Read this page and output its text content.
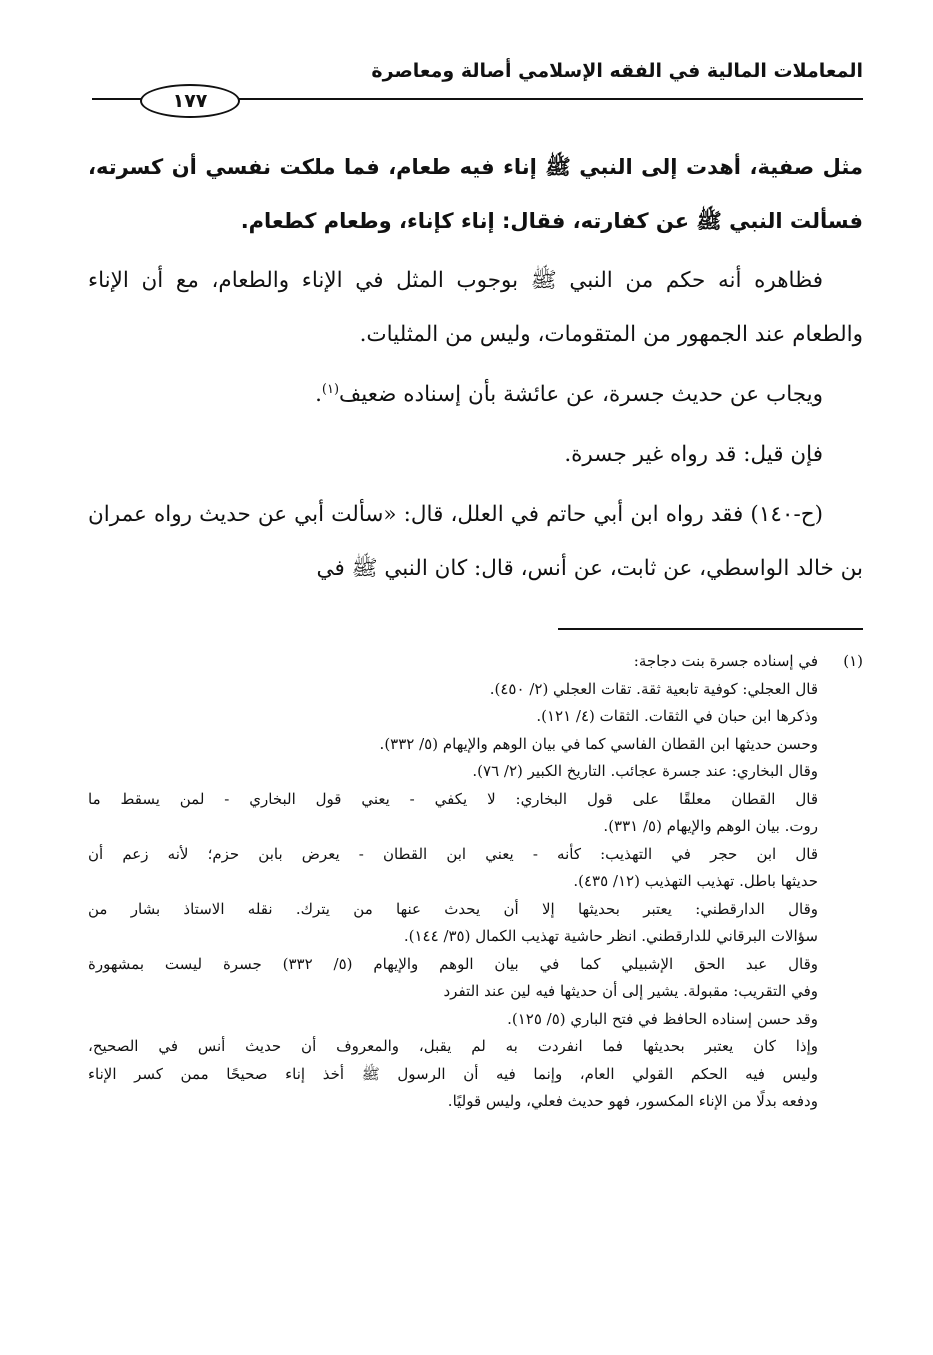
المعاملات المالية في الفقه الإسلامي أصالة ومعاصرة
١٧٧

مثل صفية، أهدت إلى النبي ﷺ إناء فيه طعام، فما ملكت نفسي أن كسرته، فسألت النبي ﷺ عن كفارته، فقال: إناء كإناء، وطعام كطعام.

فظاهره أنه حكم من النبي ﷺ بوجوب المثل في الإناء والطعام، مع أن الإناء والطعام عند الجمهور من المتقومات، وليس من المثليات.

ويجاب عن حديث جسرة، عن عائشة بأن إسناده ضعيف$^{(١)}$.

فإن قيل: قد رواه غير جسرة.

(ح-١٤٠) فقد رواه ابن أبي حاتم في العلل، قال: «سألت أبي عن حديث رواه عمران بن خالد الواسطي، عن ثابت، عن أنس، قال: كان النبي ﷺ في

(١)في إسناده جسرة بنت دجاجة:

قال العجلي: كوفية تابعية ثقة. تقات العجلي (٢/ ٤٥٠).

وذكرها ابن حبان في الثقات. الثقات (٤/ ١٢١).

وحسن حديثها ابن القطان الفاسي كما في بيان الوهم والإيهام (٥/ ٣٣٢).

وقال البخاري: عند جسرة عجائب. التاريخ الكبير (٢/ ٧٦).

قال القطان معلقًا على قول البخاري: لا يكفي - يعني قول البخاري - لمن يسقط ما

روت. بيان الوهم والإيهام (٥/ ٣٣١).

قال ابن حجر في التهذيب: كأنه - يعني ابن القطان - يعرض بابن حزم؛ لأنه زعم أن

حديثها باطل. تهذيب التهذيب (١٢/ ٤٣٥).

وقال الدارقطني: يعتبر بحديثها إلا أن يحدث عنها من يترك. نقله الاستاذ بشار من

سؤالات البرقاني للدارقطني. انظر حاشية تهذيب الكمال (٣٥/ ١٤٤).

وقال عبد الحق الإشبيلي كما في بيان الوهم والإيهام (٥/ ٣٣٢) جسرة ليست بمشهورة

وفي التقريب: مقبولة. يشير إلى أن حديثها فيه لين عند التفرد

وقد حسن إسناده الحافظ في فتح الباري (٥/ ١٢٥).

وإذا كان يعتبر بحديثها فما انفردت به لم يقبل، والمعروف أن حديث أنس في الصحيح،

وليس فيه الحكم القولي العام، وإنما فيه أن الرسول ﷺ أخذ إناء صحيحًا ممن كسر الإناء

ودفعه بدلًا من الإناء المكسور، فهو حديث فعلي، وليس قوليًا.
